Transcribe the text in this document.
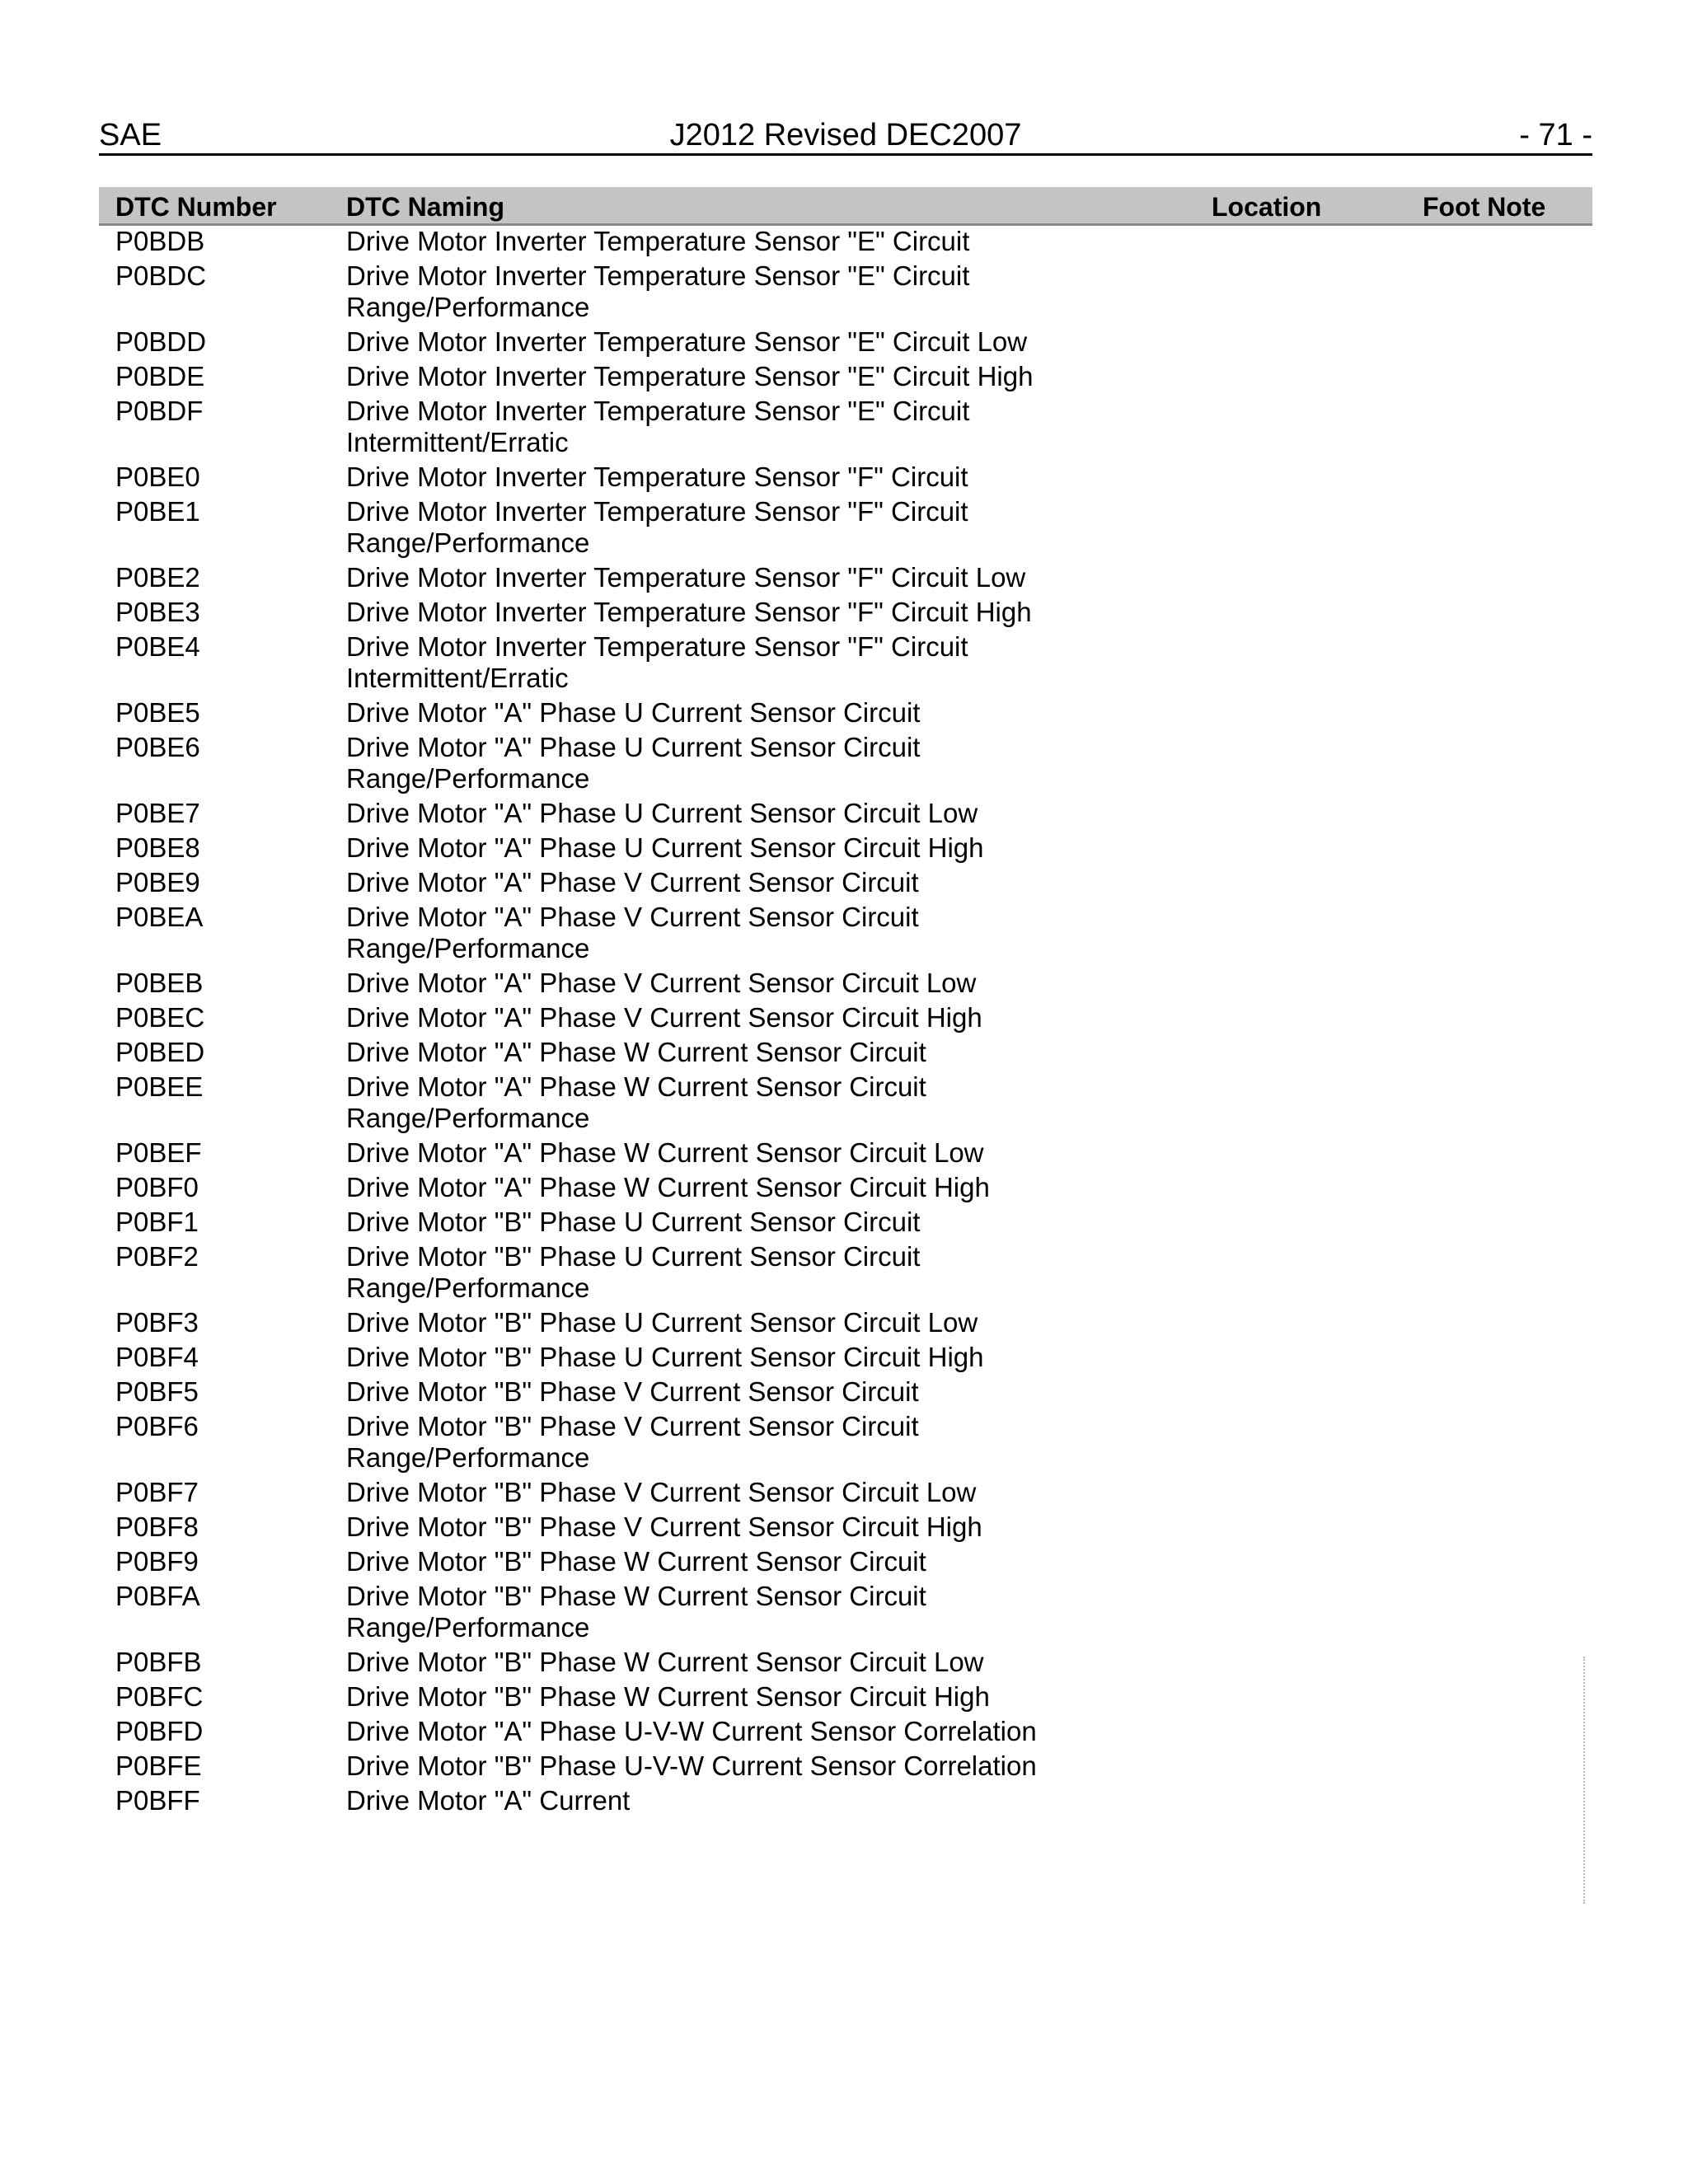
SAE	J2012 Revised DEC2007	- 71 -
DTC Number	DTC Naming	Location	Foot Note
P0BDB	Drive Motor Inverter Temperature Sensor "E" Circuit
P0BDC	Drive Motor Inverter Temperature Sensor "E" Circuit Range/Performance
P0BDD	Drive Motor Inverter Temperature Sensor "E" Circuit Low
P0BDE	Drive Motor Inverter Temperature Sensor "E" Circuit High
P0BDF	Drive Motor Inverter Temperature Sensor "E" Circuit Intermittent/Erratic
P0BE0	Drive Motor Inverter Temperature Sensor "F" Circuit
P0BE1	Drive Motor Inverter Temperature Sensor "F" Circuit Range/Performance
P0BE2	Drive Motor Inverter Temperature Sensor "F" Circuit Low
P0BE3	Drive Motor Inverter Temperature Sensor "F" Circuit High
P0BE4	Drive Motor Inverter Temperature Sensor "F" Circuit Intermittent/Erratic
P0BE5	Drive Motor "A" Phase U Current Sensor Circuit
P0BE6	Drive Motor "A" Phase U Current Sensor Circuit Range/Performance
P0BE7	Drive Motor "A" Phase U Current Sensor Circuit Low
P0BE8	Drive Motor "A" Phase U Current Sensor Circuit High
P0BE9	Drive Motor "A" Phase V Current Sensor Circuit
P0BEA	Drive Motor "A" Phase V Current Sensor Circuit Range/Performance
P0BEB	Drive Motor "A" Phase V Current Sensor Circuit Low
P0BEC	Drive Motor "A" Phase V Current Sensor Circuit High
P0BED	Drive Motor "A" Phase W Current Sensor Circuit
P0BEE	Drive Motor "A" Phase W Current Sensor Circuit Range/Performance
P0BEF	Drive Motor "A" Phase W Current Sensor Circuit Low
P0BF0	Drive Motor "A" Phase W Current Sensor Circuit High
P0BF1	Drive Motor "B" Phase U Current Sensor Circuit
P0BF2	Drive Motor "B" Phase U Current Sensor Circuit Range/Performance
P0BF3	Drive Motor "B" Phase U Current Sensor Circuit Low
P0BF4	Drive Motor "B" Phase U Current Sensor Circuit High
P0BF5	Drive Motor "B" Phase V Current Sensor Circuit
P0BF6	Drive Motor "B" Phase V Current Sensor Circuit Range/Performance
P0BF7	Drive Motor "B" Phase V Current Sensor Circuit Low
P0BF8	Drive Motor "B" Phase V Current Sensor Circuit High
P0BF9	Drive Motor "B" Phase W Current Sensor Circuit
P0BFA	Drive Motor "B" Phase W Current Sensor Circuit Range/Performance
P0BFB	Drive Motor "B" Phase W Current Sensor Circuit Low
P0BFC	Drive Motor "B" Phase W Current Sensor Circuit High
P0BFD	Drive Motor "A" Phase U-V-W Current Sensor Correlation
P0BFE	Drive Motor "B" Phase U-V-W Current Sensor Correlation
P0BFF	Drive Motor "A" Current
